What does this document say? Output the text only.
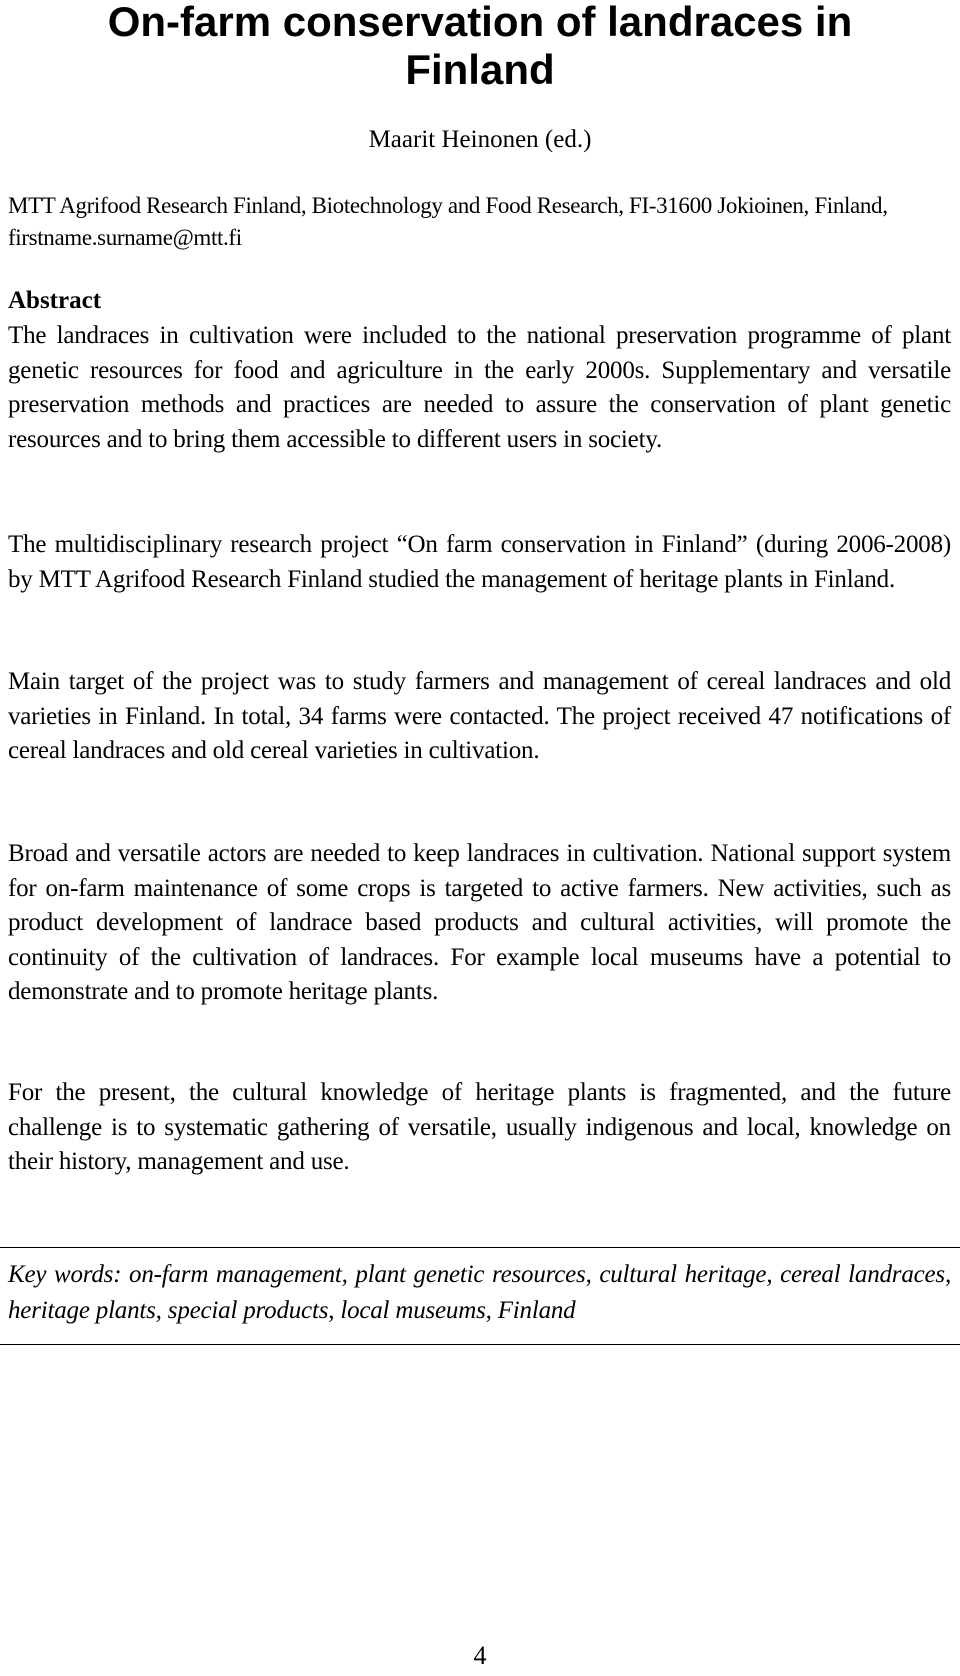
On-farm conservation of landraces in Finland
Maarit Heinonen (ed.)
MTT Agrifood Research Finland, Biotechnology and Food Research, FI-31600 Jokioinen, Finland, firstname.surname@mtt.fi
Abstract

The landraces in cultivation were included to the national preservation programme of plant genetic resources for food and agriculture in the early 2000s. Supplementary and versatile preservation methods and practices are needed to assure the conservation of plant genetic resources and to bring them accessible to different users in society.

The multidisciplinary research project “On farm conservation in Finland” (during 2006-2008) by MTT Agrifood Research Finland studied the management of heritage plants in Finland.

Main target of the project was to study farmers and management of cereal landraces and old varieties in Finland. In total, 34 farms were contacted. The project received 47 notifications of cereal landraces and old cereal varieties in cultivation.

Broad and versatile actors are needed to keep landraces in cultivation. National support system for on-farm maintenance of some crops is targeted to active farmers. New activities, such as product development of landrace based products and cultural activities, will promote the continuity of the cultivation of landraces. For example local museums have a potential to demonstrate and to promote heritage plants.

For the present, the cultural knowledge of heritage plants is fragmented, and the future challenge is to systematic gathering of versatile, usually indigenous and local, knowledge on their history, management and use.

Key words: on-farm management, plant genetic resources, cultural heritage, cereal landraces, heritage plants, special products, local museums, Finland

4
